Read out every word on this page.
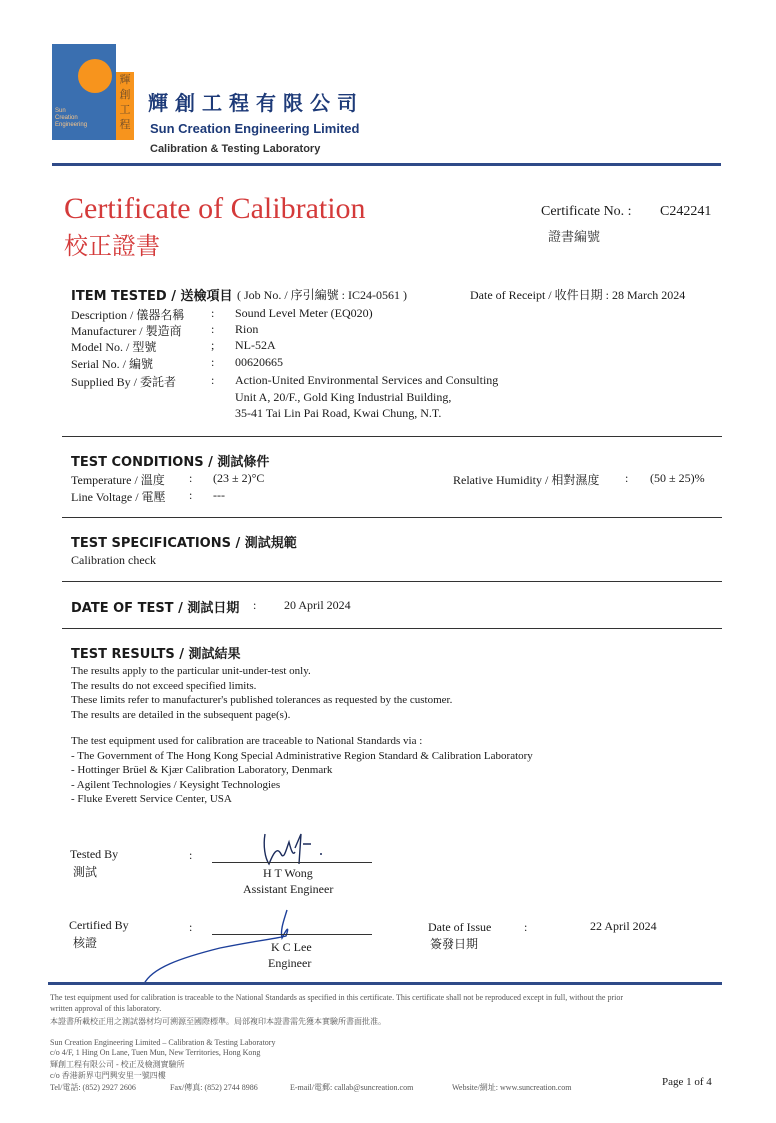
Sun
Creation
Engineering
輝
創
工
程
輝創工程有限公司
Sun Creation Engineering Limited
Calibration & Testing Laboratory
Certificate of Calibration
校正證書
Certificate No. : C242241
證書編號
ITEM TESTED / 送檢項目 ( Job No. / 序引編號 : IC24-0561 )	Date of Receipt / 收件日期 : 28 March 2024
Description / 儀器名稱 : Sound Level Meter (EQ020)
Manufacturer / 製造商 : Rion
Model No. / 型號	; NL-52A
Serial No. / 編號	: 00620665
Supplied By / 委託者	: Action-United Environmental Services and Consulting
Unit A, 20/F., Gold King Industrial Building,
35-41 Tai Lin Pai Road, Kwai Chung, N.T.
TEST CONDITIONS / 測試條件
Temperature / 溫度 : (23 ± 2)°C	Relative Humidity / 相對濕度 : (50 ± 25)%
Line Voltage / 電壓 : ---
TEST SPECIFICATIONS / 測試規範
Calibration check
DATE OF TEST / 測試日期 : 20 April 2024
TEST RESULTS / 測試結果
The results apply to the particular unit-under-test only.
The results do not exceed specified limits.
These limits refer to manufacturer's published tolerances as requested by the customer.
The results are detailed in the subsequent page(s).
The test equipment used for calibration are traceable to National Standards via :
- The Government of The Hong Kong Special Administrative Region Standard & Calibration Laboratory
- Hottinger Brüel & Kjær Calibration Laboratory, Denmark
- Agilent Technologies / Keysight Technologies
- Fluke Everett Service Center, USA
Tested By
測試
:
H T Wong
Assistant Engineer
Certified By
核證
:
K C Lee
Engineer
Date of Issue
簽發日期
:	22 April 2024
The test equipment used for calibration is traceable to the National Standards as specified in this certificate. This certificate shall not be reproduced except in full, without the prior
written approval of this laboratory.
本證書所載校正用之測試器材均可溯源至國際標準。局部複印本證書需先獲本實驗所書面批准。
Sun Creation Engineering Limited – Calibration & Testing Laboratory
c/o 4/F, 1 Hing On Lane, Tuen Mun, New Territories, Hong Kong
輝創工程有限公司 - 校正及檢測實驗所
c/o 香港新界屯門興安里一號四樓
Tel/電話: (852) 2927 2606	Fax/傳真: (852) 2744 8986	E-mail/電郵: callab@suncreation.com	Website/網址: www.suncreation.com	Page 1 of 4
